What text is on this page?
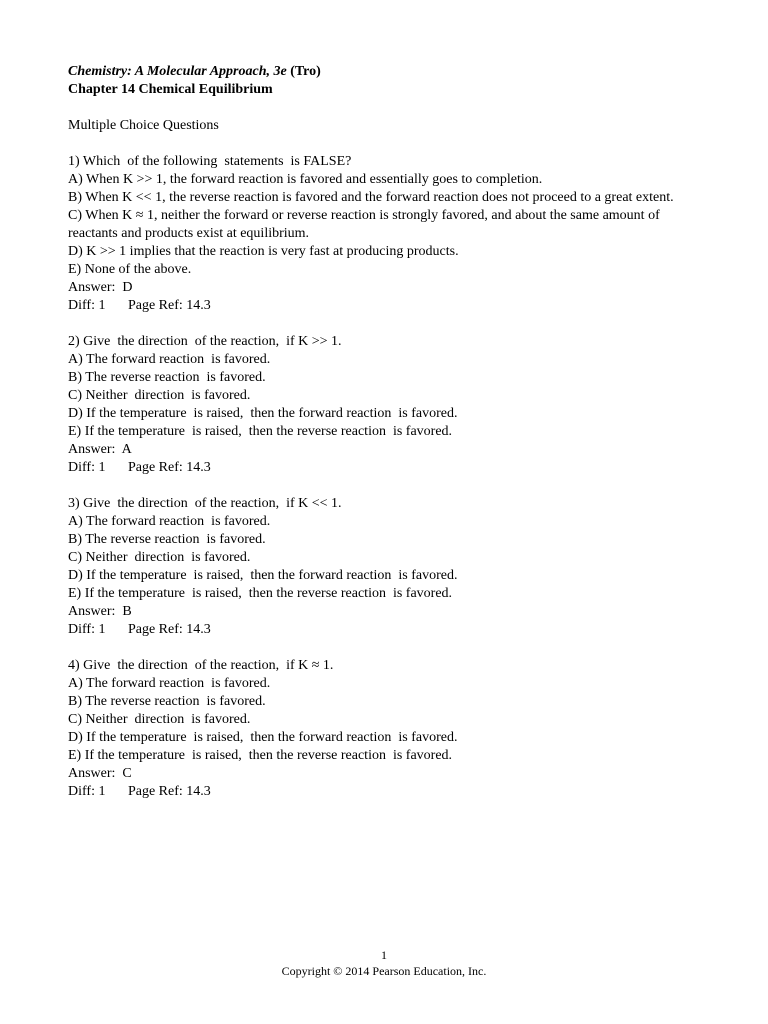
Chemistry: A Molecular Approach, 3e (Tro)
Chapter 14 Chemical Equilibrium
Multiple Choice Questions
1) Which  of the following  statements  is FALSE?
A) When K >> 1, the forward reaction is favored and essentially goes to completion.
B) When K << 1, the reverse reaction is favored and the forward reaction does not proceed to a great extent.
C) When K ≈ 1, neither the forward or reverse reaction is strongly favored, and about the same amount of reactants and products exist at equilibrium.
D) K >> 1 implies that the reaction is very fast at producing products.
E) None of the above.
Answer:  D
Diff: 1 Page Ref: 14.3
2) Give  the direction  of the reaction,  if K >> 1.
A) The forward reaction  is favored.
B) The reverse reaction  is favored.
C) Neither  direction  is favored.
D) If the temperature  is raised,  then the forward reaction  is favored.
E) If the temperature  is raised,  then the reverse reaction  is favored.
Answer:  A
Diff: 1 Page Ref: 14.3
3) Give  the direction  of the reaction,  if K << 1.
A) The forward reaction  is favored.
B) The reverse reaction  is favored.
C) Neither  direction  is favored.
D) If the temperature  is raised,  then the forward reaction  is favored.
E) If the temperature  is raised,  then the reverse reaction  is favored.
Answer:  B
Diff: 1 Page Ref: 14.3
4) Give  the direction  of the reaction,  if K ≈ 1.
A) The forward reaction  is favored.
B) The reverse reaction  is favored.
C) Neither  direction  is favored.
D) If the temperature  is raised,  then the forward reaction  is favored.
E) If the temperature  is raised,  then the reverse reaction  is favored.
Answer:  C
Diff: 1 Page Ref: 14.3
1
Copyright © 2014 Pearson Education, Inc.
